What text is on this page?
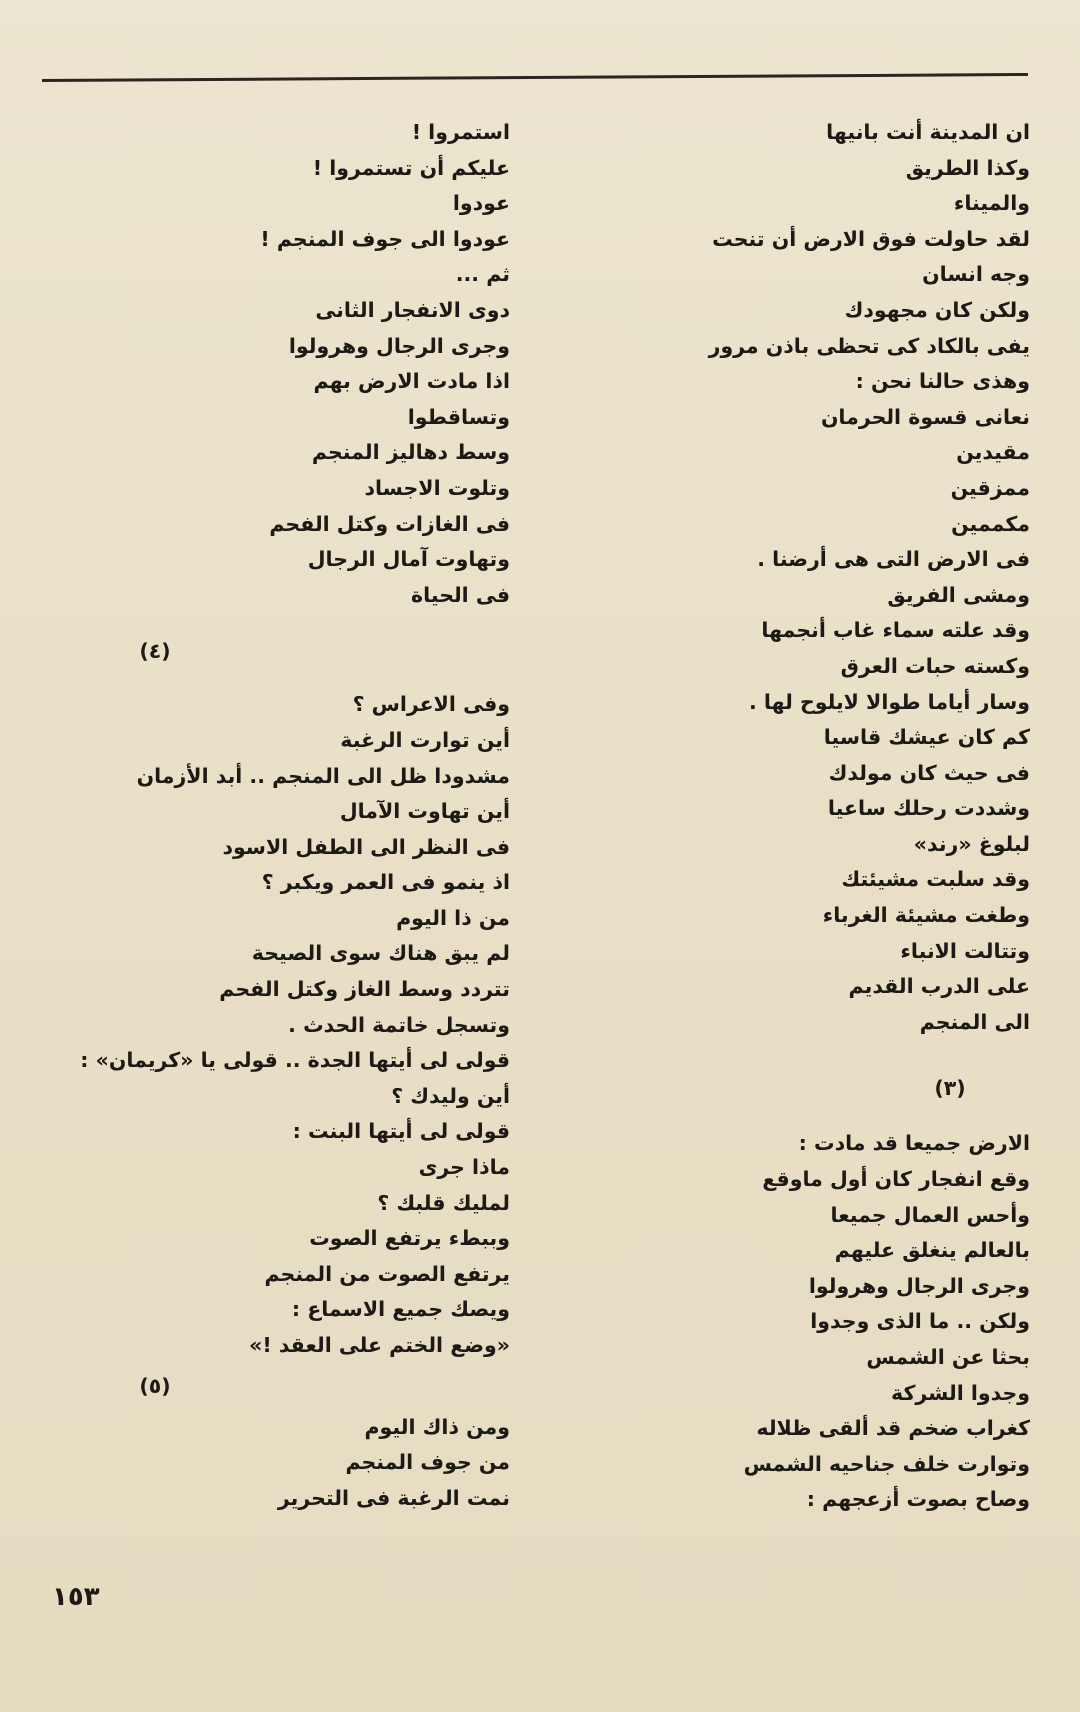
ان المدينة أنت بانيها
وكذا الطريق
والميناء
لقد حاولت فوق الارض أن تنحت
وجه انسان
ولكن كان مجهودك
يفى بالكاد كى تحظى باذن مرور
وهذى حالنا نحن :
نعانى قسوة الحرمان
مقيدين
ممزقين
مكممين
فى الارض التى هى أرضنا .
ومشى الفريق
وقد علته سماء غاب أنجمها
وكسته حبات العرق
وسار أياما طوالا لايلوح لها .
كم كان عيشك قاسيا
فى حيث كان مولدك
وشددت رحلك ساعيا
لبلوغ «رند»
وقد سلبت مشيئتك
وطغت مشيئة الغرباء
وتتالت الانباء
على الدرب القديم
الى المنجم
(٣)
الارض جميعا قد مادت :
وقع انفجار كان أول ماوقع
وأحس العمال جميعا
بالعالم ينغلق عليهم
وجرى الرجال وهرولوا
ولكن .. ما الذى وجدوا
بحثا عن الشمس
وجدوا الشركة
كغراب ضخم قد ألقى ظلاله
وتوارت خلف جناحيه الشمس
وصاح بصوت أزعجهم :
استمروا !
عليكم أن تستمروا !
عودوا
عودوا الى جوف المنجم !
ثم ...
دوى الانفجار الثانى
وجرى الرجال وهرولوا
اذا مادت الارض بهم
وتساقطوا
وسط دهاليز المنجم
وتلوت الاجساد
فى الغازات وكتل الفحم
وتهاوت آمال الرجال
فى الحياة
(٤)
وفى الاعراس ؟
أين توارت الرغبة
مشدودا ظل الى المنجم .. أبد الأزمان
أين تهاوت الآمال
فى النظر الى الطفل الاسود
اذ ينمو فى العمر ويكبر ؟
من ذا اليوم
لم يبق هناك سوى الصيحة
تتردد وسط الغاز وكتل الفحم
وتسجل خاتمة الحدث .
قولى لى أيتها الجدة .. قولى يا «كريمان» :
أين وليدك ؟
قولى لى أيتها البنت :
ماذا جرى
لمليك قلبك ؟
وببطء يرتفع الصوت
يرتفع الصوت من المنجم
ويصك جميع الاسماع :
«وضع الختم على العقد !»
(٥)
ومن ذاك اليوم
من جوف المنجم
نمت الرغبة فى التحرير
١٥٣
